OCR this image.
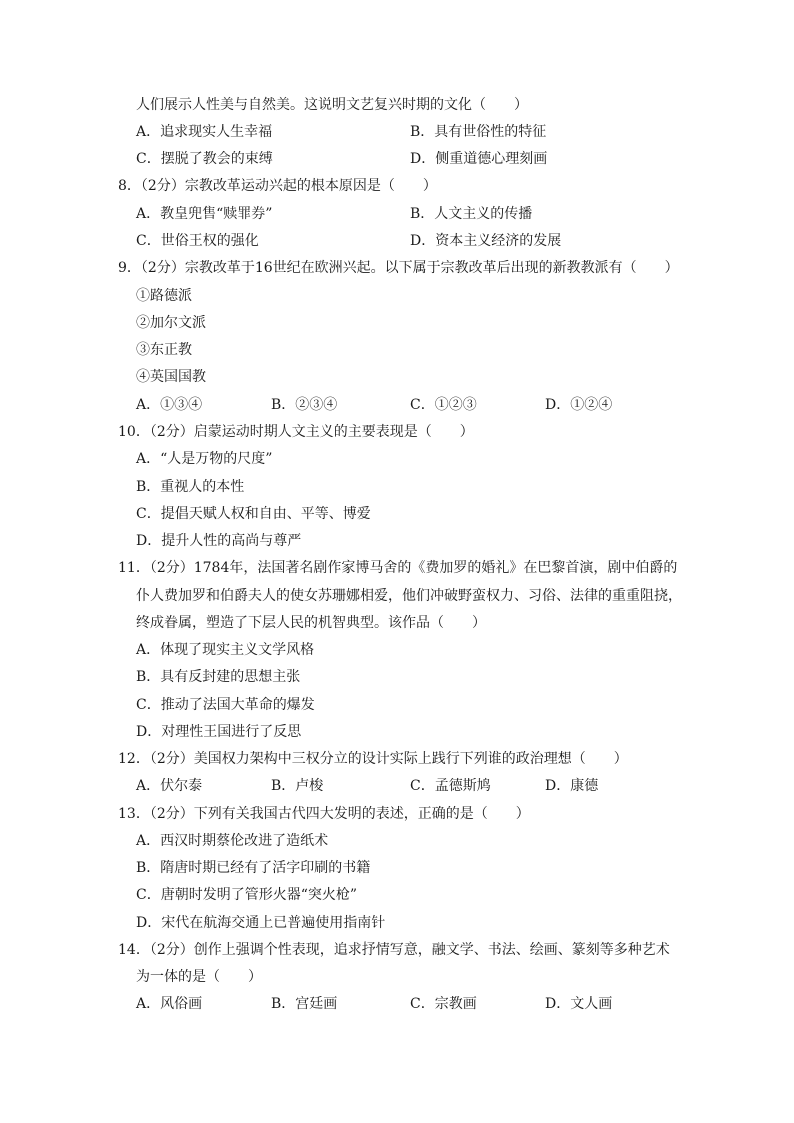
人们展示人性美与自然美。这说明文艺复兴时期的文化（　　）
A．追求现实人生幸福	B．具有世俗性的特征
C．摆脱了教会的束缚	D．侧重道德心理刻画
8．（2分）宗教改革运动兴起的根本原因是（　　）
A．教皇兜售“赎罪券”	B．人文主义的传播
C．世俗王权的强化	D．资本主义经济的发展
9．（2分）宗教改革于16世纪在欧洲兴起。以下属于宗教改革后出现的新教教派有（　　）
①路德派
②加尔文派
③东正教
④英国国教
A．①③④	B．②③④	C．①②③	D．①②④
10．（2分）启蒙运动时期人文主义的主要表现是（　　）
A．“人是万物的尺度”
B．重视人的本性
C．提倡天赋人权和自由、平等、博爱
D．提升人性的高尚与尊严
11．（2分）1784年，法国著名剧作家博马舍的《费加罗的婚礼》在巴黎首演，剧中伯爵的
仆人费加罗和伯爵夫人的使女苏珊娜相爱，他们冲破野蛮权力、习俗、法律的重重阻挠，
终成眷属，塑造了下层人民的机智典型。该作品（　　）
A．体现了现实主义文学风格
B．具有反封建的思想主张
C．推动了法国大革命的爆发
D．对理性王国进行了反思
12．（2分）美国权力架构中三权分立的设计实际上践行下列谁的政治理想（　　）
A．伏尔泰	B．卢梭	C．孟德斯鸠	D．康德
13．（2分）下列有关我国古代四大发明的表述，正确的是（　　）
A．西汉时期蔡伦改进了造纸术
B．隋唐时期已经有了活字印刷的书籍
C．唐朝时发明了管形火器“突火枪”
D．宋代在航海交通上已普遍使用指南针
14．（2分）创作上强调个性表现，追求抒情写意，融文学、书法、绘画、篆刻等多种艺术
为一体的是（　　）
A．风俗画	B．宫廷画	C．宗教画	D．文人画
